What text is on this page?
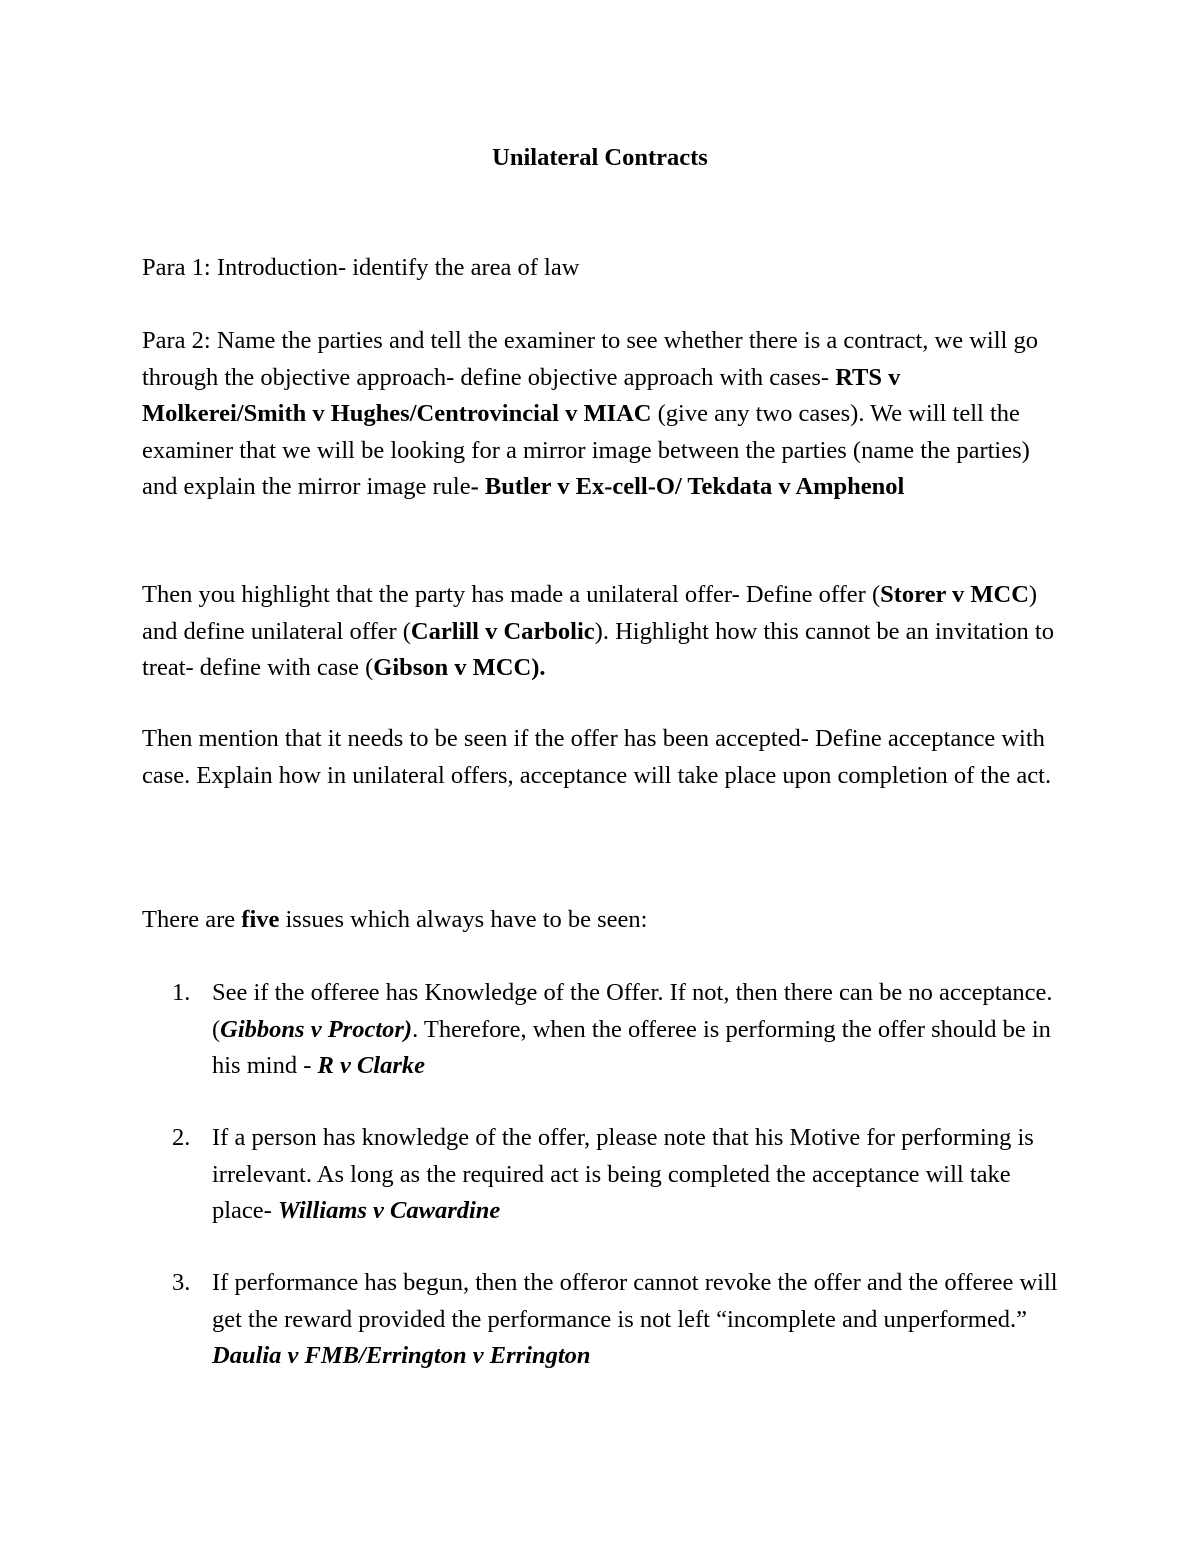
Unilateral Contracts

Para 1: Introduction- identify the area of law

Para 2: Name the parties and tell the examiner to see whether there is a contract, we will go through the objective approach- define objective approach with cases- RTS v Molkerei/Smith v Hughes/Centrovincial v MIAC (give any two cases). We will tell the examiner that we will be looking for a mirror image between the parties (name the parties) and explain the mirror image rule- Butler v Ex-cell-O/ Tekdata v Amphenol

Then you highlight that the party has made a unilateral offer- Define offer (Storer v MCC) and define unilateral offer (Carlill v Carbolic). Highlight how this cannot be an invitation to treat- define with case (Gibson v MCC).

Then mention that it needs to be seen if the offer has been accepted- Define acceptance with case. Explain how in unilateral offers, acceptance will take place upon completion of the act.

There are five issues which always have to be seen:

1. See if the offeree has Knowledge of the Offer. If not, then there can be no acceptance. (Gibbons v Proctor). Therefore, when the offeree is performing the offer should be in his mind - R v Clarke

2. If a person has knowledge of the offer, please note that his Motive for performing is irrelevant. As long as the required act is being completed the acceptance will take place- Williams v Cawardine

3. If performance has begun, then the offeror cannot revoke the offer and the offeree will get the reward provided the performance is not left “incomplete and unperformed.” Daulia v FMB/Errington v Errington
